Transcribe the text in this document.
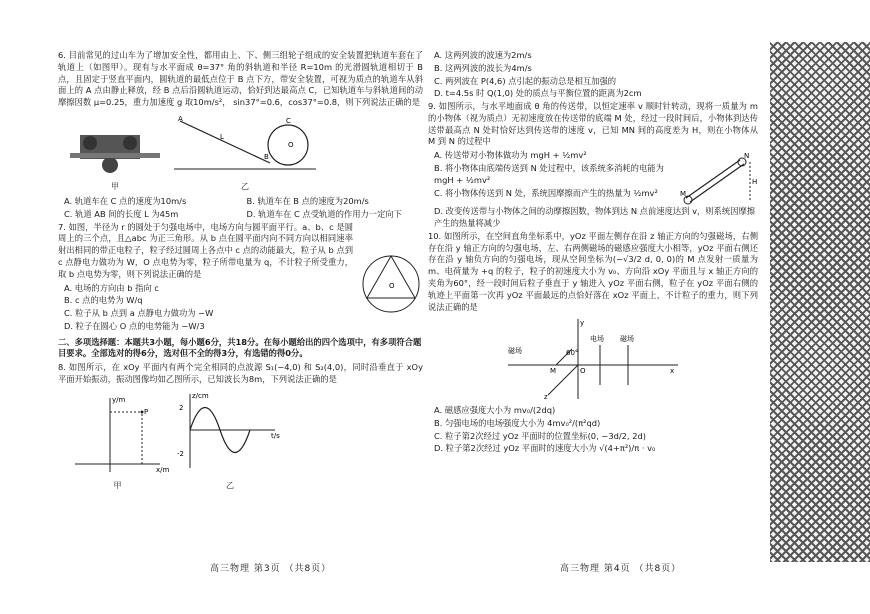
6. 目前常见的过山车为了增加安全性，都用由上、下、侧三组轮子组成的安全装置把轨道车套在了轨道上（如图甲）。现有与水平面成 θ=37° 角的斜轨道和半径 R=10m 的光滑圆轨道相切于 B 点，且固定于竖直平面内，圆轨道的最低点位于 B 点下方，带安全装置，可视为质点的轨道车从斜面上的 A 点由静止释放，经 B 点后沿圆轨道运动，恰好到达最高点 C，已知轨道车与斜轨道间的动摩擦因数 μ=0.25，重力加速度 g 取10m/s²， sin37°=0.6，cos37°=0.8，则下列说法正确的是
甲
A
B
C
O
L
乙
A. 轨道车在 C 点的速度为10m/s	B. 轨道车在 B 点的速度为20m/s
C. 轨道 AB 间的长度 L 为45m	D. 轨道车在 C 点受轨道的作用力一定向下
7. 如图，半径为 r 的圆处于匀强电场中，电场方向与圆平面平行。a、b、c 是圆周上的三个点，且△abc 为正三角形。从 b 点在圆平面内向不同方向以相同速率射出相同的带正电粒子，粒子经过圆周上各点中 c 点的动能最大，粒子从 b 点到 c 点静电力做功为 W，O 点电势为零，粒子所带电量为 q，不计粒子所受重力，取 b 点电势为零，则下列说法正确的是
A. 电场的方向由 b 指向 c
B. c 点的电势为 W/q
C. 粒子从 b 点到 a 点静电力做功为 −W
D. 粒子在圆心 O 点的电势能为 −W/3
O
二、多项选择题：本题共3小题，每小题6分，共18分。在每小题给出的四个选项中，有多项符合题目要求。全部选对的得6分，选对但不全的得3分，有选错的得0分。
8. 如图所示，在 xOy 平面内有两个完全相同的点波源 S₁(−4,0) 和 S₂(4,0)，同时沿垂直于 xOy 平面开始振动，振动图像均如乙图所示，已知波长为8m，下列说法正确的是
P
x/m
y/m
甲
z/cm
t/s
2
-2
乙
高三物理 第3页 （共8页）
A. 这两列波的波速为2m/s
B. 这两列波的波长为4m/s
C. 两列波在 P(4,6) 点引起的振动总是相互加强的
D. t=4.5s 时 Q(1,0) 处的质点与平衡位置的距离为2cm
9. 如图所示，与水平地面成 θ 角的传送带，以恒定速率 v 顺时针转动，现将一质量为 m 的小物体（视为质点）无初速度放在传送带的底端 M 处，经过一段时间后，小物体到达传送带最高点 N 处时恰好达到传送带的速度 v，已知 MN 间的高度差为 H，则在小物体从 M 到 N 的过程中
A. 传送带对小物体做功为 mgH + ½mv²
B. 将小物体由底端传送到 N 处过程中，该系统多消耗的电能为 mgH + ½mv²
C. 将小物体传送到 N 处，系统因摩擦而产生的热量为 ½mv²	M
N
H
D. 改变传送带与小物体之间的动摩擦因数，物体到达 N 点前速度达到 v，则系统因摩擦产生的热量将减少
10. 如图所示，在空间直角坐标系中，yOz 平面左侧存在沿 z 轴正方向的匀强磁场，右侧存在沿 y 轴正方向的匀强电场，左、右两侧磁场的磁感应强度大小相等，yOz 平面右侧还存在沿 y 轴负方向的匀强电场，现从空间坐标为(−√3/2 d, 0, 0)的 M 点发射一质量为 m、电荷量为 +q 的粒子，粒子的初速度大小为 v₀、方向沿 xOy 平面且与 x 轴正方向的夹角为60°，经一段时间后粒子垂直于 y 轴进入 yOz 平面右侧，粒子在 yOz 平面右侧的轨迹上平面第一次再 yOz 平面最远的点恰好落在 xOz 平面上，不计粒子的重力，则下列说法正确的是
x
y
z
O
M
60°
磁场
电场 磁场
A. 磁感应强度大小为 mv₀/(2dq)
B. 匀强电场的电场强度大小为 4mv₀²/(π²qd)
C. 粒子第2次经过 yOz 平面时的位置坐标(0, −3d/2, 2d)
D. 粒子第2次经过 yOz 平面时的速度大小为 √(4+π²)/π · v₀
高三物理 第4页 （共8页）
